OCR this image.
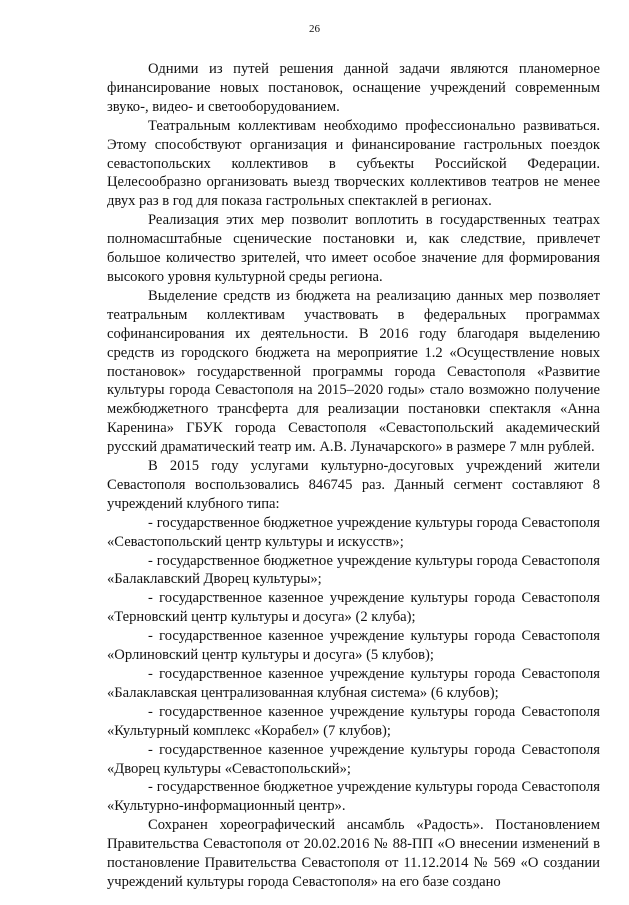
26

Одними из путей решения данной задачи являются планомерное финансирование новых постановок, оснащение учреждений современным звуко-, видео- и светооборудованием.

Театральным коллективам необходимо профессионально развиваться. Этому способствуют организация и финансирование гастрольных поездок севастопольских коллективов в субъекты Российской Федерации. Целесообразно организовать выезд творческих коллективов театров не менее двух раз в год для показа гастрольных спектаклей в регионах.

Реализация этих мер позволит воплотить в государственных театрах полномасштабные сценические постановки и, как следствие, привлечет большое количество зрителей, что имеет особое значение для формирования высокого уровня культурной среды региона.

Выделение средств из бюджета на реализацию данных мер позволяет театральным коллективам участвовать в федеральных программах софинансирования их деятельности. В 2016 году благодаря выделению средств из городского бюджета на мероприятие 1.2 «Осуществление новых постановок» государственной программы города Севастополя «Развитие культуры города Севастополя на 2015–2020 годы» стало возможно получение межбюджетного трансферта для реализации постановки спектакля «Анна Каренина» ГБУК города Севастополя «Севастопольский академический русский драматический театр им. А.В. Луначарского» в размере 7 млн рублей.

В 2015 году услугами культурно-досуговых учреждений жители Севастополя воспользовались 846745 раз. Данный сегмент составляют 8 учреждений клубного типа:

- государственное бюджетное учреждение культуры города Севастополя «Севастопольский центр культуры и искусств»;

- государственное бюджетное учреждение культуры города Севастополя «Балаклавский Дворец культуры»;

- государственное казенное учреждение культуры города Севастополя «Терновский центр культуры и досуга» (2 клуба);

- государственное казенное учреждение культуры города Севастополя «Орлиновский центр культуры и досуга» (5 клубов);

- государственное казенное учреждение культуры города Севастополя «Балаклавская централизованная клубная система» (6 клубов);

- государственное казенное учреждение культуры города Севастополя «Культурный комплекс «Корабел» (7 клубов);

- государственное казенное учреждение культуры города Севастополя «Дворец культуры «Севастопольский»;

- государственное бюджетное учреждение культуры города Севастополя «Культурно-информационный центр».

Сохранен хореографический ансамбль «Радость». Постановлением Правительства Севастополя от 20.02.2016 № 88-ПП «О внесении изменений в постановление Правительства Севастополя от 11.12.2014 № 569 «О создании учреждений культуры города Севастополя» на его базе создано
